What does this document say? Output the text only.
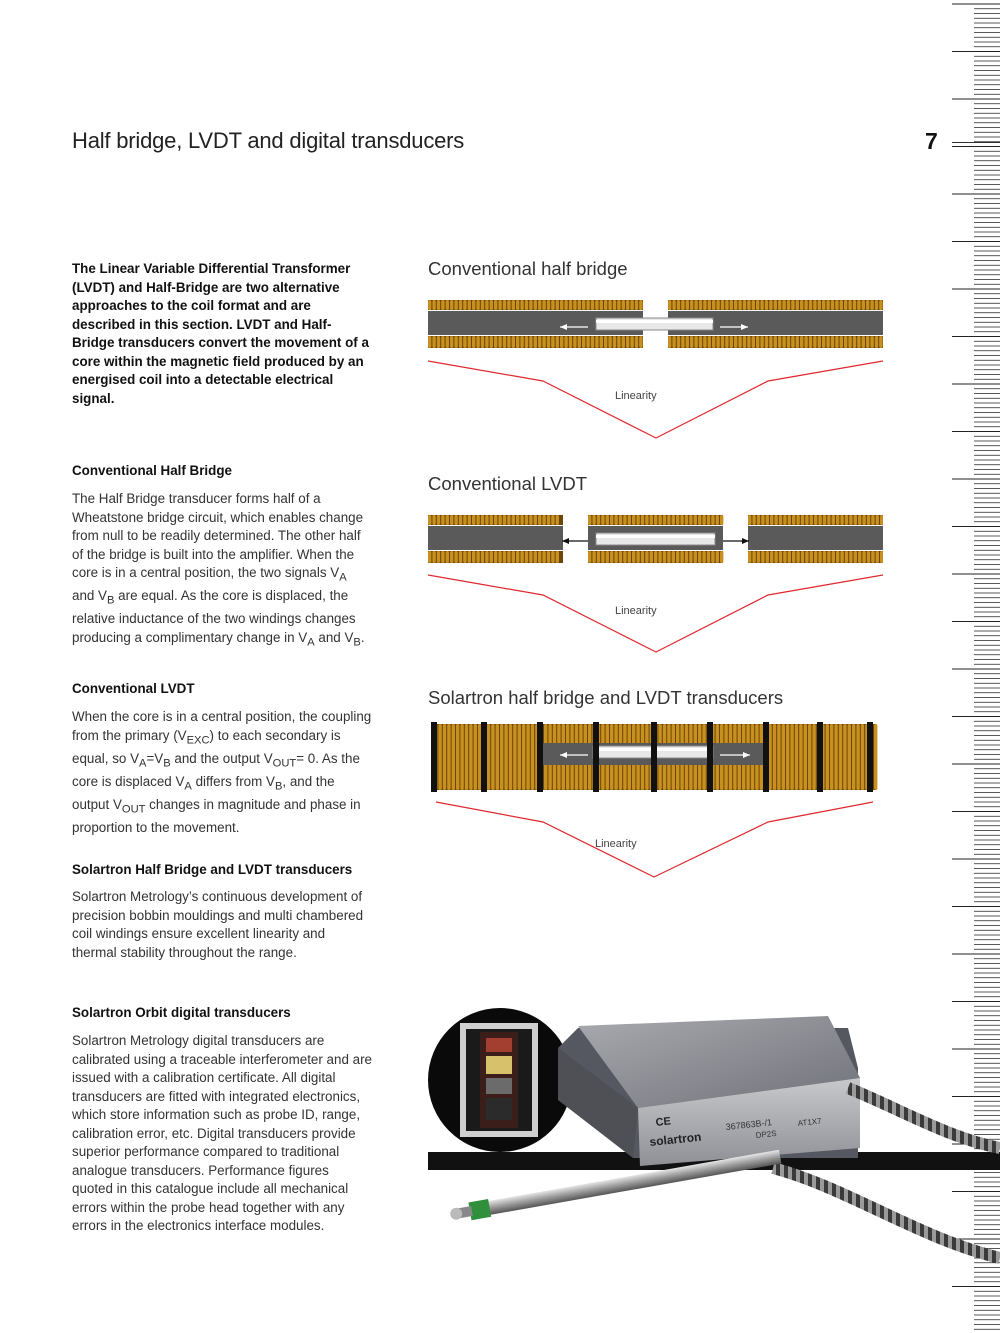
Half bridge, LVDT and digital transducers	7
The Linear Variable Differential Transformer (LVDT) and Half-Bridge are two alternative approaches to the coil format and are described in this section. LVDT and Half-Bridge transducers convert the movement of a core within the magnetic field produced by an energised coil into a detectable electrical signal.
Conventional Half Bridge
The Half Bridge transducer forms half of a Wheatstone bridge circuit, which enables change from null to be readily determined. The other half of the bridge is built into the amplifier. When the core is in a central position, the two signals $V_A$ and $V_B$ are equal. As the core is displaced, the relative inductance of the two windings changes producing a complimentary change in $V_A$ and $V_B$.
Conventional LVDT
When the core is in a central position, the coupling from the primary $(V_{EXC})$ to each secondary is equal, so $V_A=V_B$ and the output $V_{OUT}= 0$. As the core is displaced $V_A$ differs from $V_B$, and the output $V_{OUT}$ changes in magnitude and phase in proportion to the movement.
Solartron Half Bridge and LVDT transducers
Solartron Metrology’s continuous development of precision bobbin mouldings and multi chambered coil windings ensure excellent linearity and thermal stability throughout the range.
Solartron Orbit digital transducers
Solartron Metrology digital transducers are calibrated using a traceable interferometer and are issued with a calibration certificate. All digital transducers are fitted with integrated electronics, which store information such as probe ID, range, calibration error, etc. Digital transducers provide superior performance compared to traditional analogue transducers. Performance figures quoted in this catalogue include all mechanical errors within the probe head together with any errors in the electronics interface modules.
Conventional half bridge
Linearity
Conventional LVDT
Linearity
Solartron half bridge and LVDT transducers
Linearity
CE
solartron
367863B-/1
DP2S
AT1X7
